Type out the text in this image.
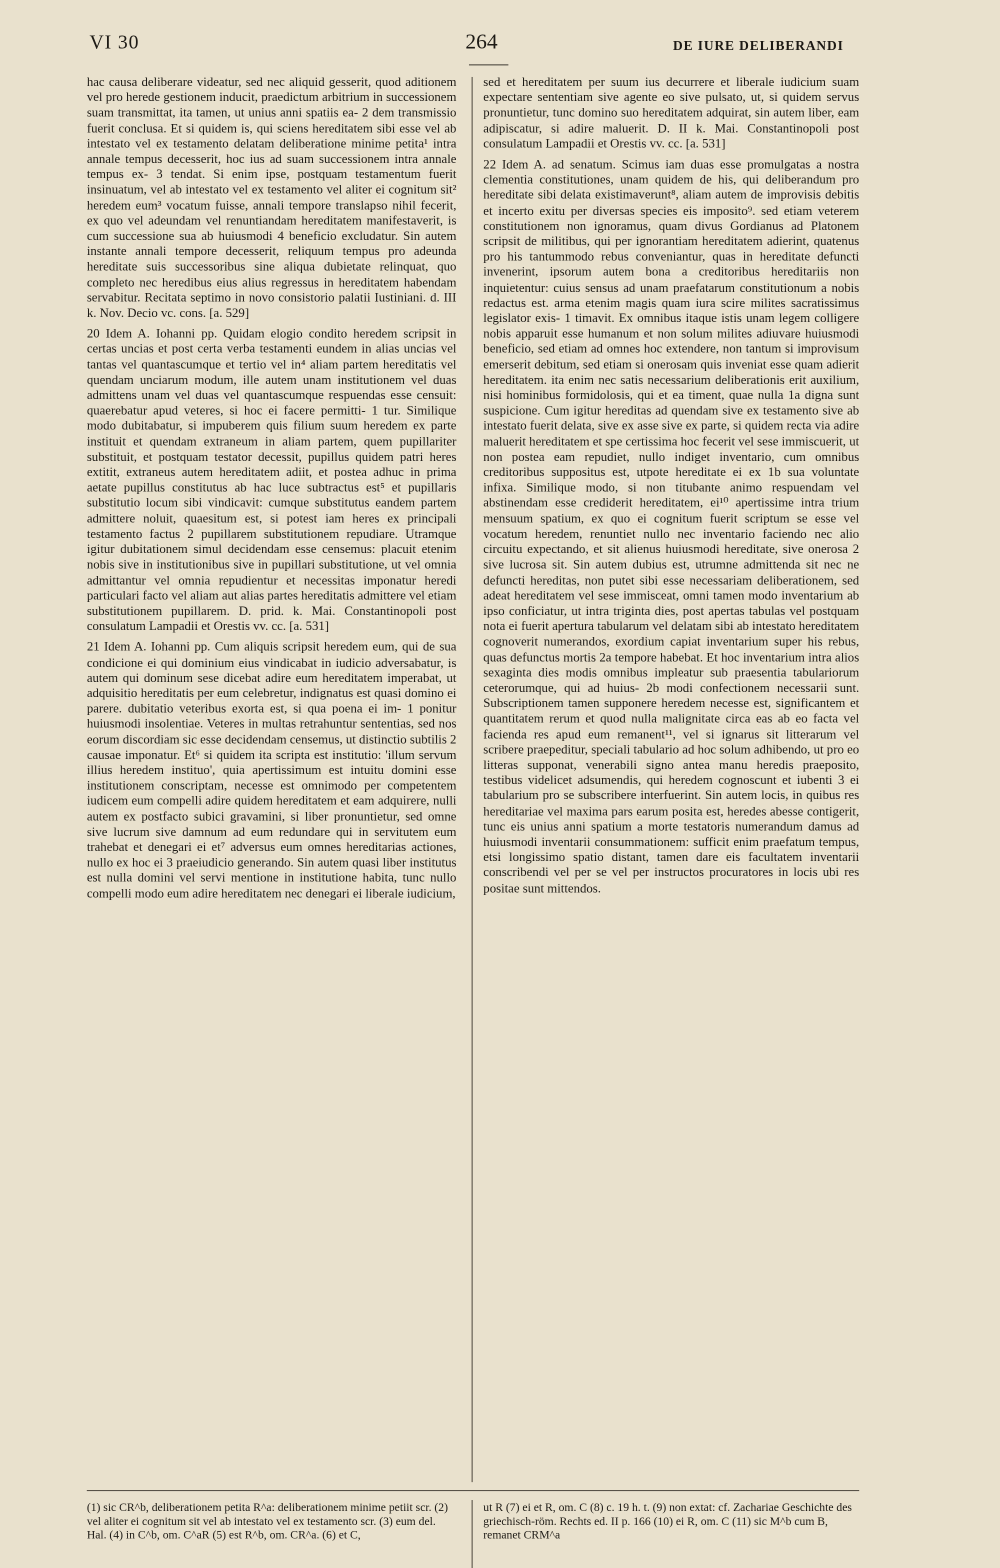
VI 30	264	DE IURE DELIBERANDI

hac causa deliberare videatur, sed nec aliquid gesserit, quod aditionem vel pro herede gestionem inducit, praedictum arbitrium in successionem suam transmittat, ita tamen, ut unius anni spatiis ea- 2 dem transmissio fuerit conclusa. Et si quidem is, qui sciens hereditatem sibi esse vel ab intestato vel ex testamento delatam deliberatione minime petita¹ intra annale tempus decesserit, hoc ius ad suam successionem intra annale tempus ex- 3 tendat. Si enim ipse, postquam testamentum fuerit insinuatum, vel ab intestato vel ex testamento vel aliter ei cognitum sit² heredem eum³ vocatum fuisse, annali tempore translapso nihil fecerit, ex quo vel adeundam vel renuntiandam hereditatem manifestaverit, is cum successione sua ab huiusmodi 4 beneficio excludatur. Sin autem instante annali tempore decesserit, reliquum tempus pro adeunda hereditate suis successoribus sine aliqua dubietate relinquat, quo completo nec heredibus eius alius regressus in hereditatem habendam servabitur. Recitata septimo in novo consistorio palatii Iustiniani. d. III k. Nov. Decio vc. cons. [a. 529]

20 Idem A. Iohanni pp. Quidam elogio condito heredem scripsit in certas uncias et post certa verba testamenti eundem in alias uncias vel tantas vel quantascumque et tertio vel in⁴ aliam partem hereditatis vel quendam unciarum modum, ille autem unam institutionem vel duas admittens unam vel duas vel quantascumque respuendas esse censuit: quaerebatur apud veteres, si hoc ei facere permitti- 1 tur. Similique modo dubitabatur, si impuberem quis filium suum heredem ex parte instituit et quendam extraneum in aliam partem, quem pupillariter substituit, et postquam testator decessit, pupillus quidem patri heres extitit, extraneus autem hereditatem adiit, et postea adhuc in prima aetate pupillus constitutus ab hac luce subtractus est⁵ et pupillaris substitutio locum sibi vindicavit: cumque substitutus eandem partem admittere noluit, quaesitum est, si potest iam heres ex principali testamento factus 2 pupillarem substitutionem repudiare. Utramque igitur dubitationem simul decidendam esse censemus: placuit etenim nobis sive in institutionibus sive in pupillari substitutione, ut vel omnia admittantur vel omnia repudientur et necessitas imponatur heredi particulari facto vel aliam aut alias partes hereditatis admittere vel etiam substitutionem pupillarem. D. prid. k. Mai. Constantinopoli post consulatum Lampadii et Orestis vv. cc. [a. 531]

21 Idem A. Iohanni pp. Cum aliquis scripsit heredem eum, qui de sua condicione ei qui dominium eius vindicabat in iudicio adversabatur, is autem qui dominum sese dicebat adire eum hereditatem imperabat, ut adquisitio hereditatis per eum celebretur, indignatus est quasi domino ei parere. dubitatio veteribus exorta est, si qua poena ei im- 1 ponitur huiusmodi insolentiae. Veteres in multas retrahuntur sententias, sed nos eorum discordiam sic esse decidendam censemus, ut distinctio subtilis 2 causae imponatur. Et⁶ si quidem ita scripta est institutio: 'illum servum illius heredem instituo', quia apertissimum est intuitu domini esse institutionem conscriptam, necesse est omnimodo per competentem iudicem eum compelli adire quidem hereditatem et eam adquirere, nulli autem ex postfacto subici gravamini, si liber pronuntietur, sed omne sive lucrum sive damnum ad eum redundare qui in servitutem eum trahebat et denegari ei et⁷ adversus eum omnes hereditarias actiones, nullo ex hoc ei 3 praeiudicio generando. Sin autem quasi liber institutus est nulla domini vel servi mentione in institutione habita, tunc nullo compelli modo eum adire hereditatem nec denegari ei liberale iudicium,

sed et hereditatem per suum ius decurrere et liberale iudicium suam expectare sententiam sive agente eo sive pulsato, ut, si quidem servus pronuntietur, tunc domino suo hereditatem adquirat, sin autem liber, eam adipiscatur, si adire maluerit. D. II k. Mai. Constantinopoli post consulatum Lampadii et Orestis vv. cc. [a. 531]

22 Idem A. ad senatum. Scimus iam duas esse promulgatas a nostra clementia constitutiones, unam quidem de his, qui deliberandum pro hereditate sibi delata existimaverunt⁸, aliam autem de improvisis debitis et incerto exitu per diversas species eis imposito⁹. sed etiam veterem constitutionem non ignoramus, quam divus Gordianus ad Platonem scripsit de militibus, qui per ignorantiam hereditatem adierint, quatenus pro his tantummodo rebus conveniantur, quas in hereditate defuncti invenerint, ipsorum autem bona a creditoribus hereditariis non inquietentur: cuius sensus ad unam praefatarum constitutionum a nobis redactus est. arma etenim magis quam iura scire milites sacratissimus legislator exis- 1 timavit. Ex omnibus itaque istis unam legem colligere nobis apparuit esse humanum et non solum milites adiuvare huiusmodi beneficio, sed etiam ad omnes hoc extendere, non tantum si improvisum emerserit debitum, sed etiam si onerosam quis inveniat esse quam adierit hereditatem. ita enim nec satis necessarium deliberationis erit auxilium, nisi hominibus formidolosis, qui et ea timent, quae nulla 1a digna sunt suspicione. Cum igitur hereditas ad quendam sive ex testamento sive ab intestato fuerit delata, sive ex asse sive ex parte, si quidem recta via adire maluerit hereditatem et spe certissima hoc fecerit vel sese immiscuerit, ut non postea eam repudiet, nullo indiget inventario, cum omnibus creditoribus suppositus est, utpote hereditate ei ex 1b sua voluntate infixa. Similique modo, si non titubante animo respuendam vel abstinendam esse crediderit hereditatem, ei¹⁰ apertissime intra trium mensuum spatium, ex quo ei cognitum fuerit scriptum se esse vel vocatum heredem, renuntiet nullo nec inventario faciendo nec alio circuitu expectando, et sit alienus huiusmodi hereditate, sive onerosa 2 sive lucrosa sit. Sin autem dubius est, utrumne admittenda sit nec ne defuncti hereditas, non putet sibi esse necessariam deliberationem, sed adeat hereditatem vel sese immisceat, omni tamen modo inventarium ab ipso conficiatur, ut intra triginta dies, post apertas tabulas vel postquam nota ei fuerit apertura tabularum vel delatam sibi ab intestato hereditatem cognoverit numerandos, exordium capiat inventarium super his rebus, quas defunctus mortis 2a tempore habebat. Et hoc inventarium intra alios sexaginta dies modis omnibus impleatur sub praesentia tabulariorum ceterorumque, qui ad huius- 2b modi confectionem necessarii sunt. Subscriptionem tamen supponere heredem necesse est, significantem et quantitatem rerum et quod nulla malignitate circa eas ab eo facta vel facienda res apud eum remanent¹¹, vel si ignarus sit litterarum vel scribere praepeditur, speciali tabulario ad hoc solum adhibendo, ut pro eo litteras supponat, venerabili signo antea manu heredis praeposito, testibus videlicet adsumendis, qui heredem cognoscunt et iubenti 3 ei tabularium pro se subscribere interfuerint. Sin autem locis, in quibus res hereditariae vel maxima pars earum posita est, heredes abesse contigerit, tunc eis unius anni spatium a morte testatoris numerandum damus ad huiusmodi inventarii consummationem: sufficit enim praefatum tempus, etsi longissimo spatio distant, tamen dare eis facultatem inventarii conscribendi vel per se vel per instructos procuratores in locis ubi res positae sunt mittendos.

(1) sic CR^b, deliberationem petita R^a: deliberationem minime petiit scr. (2) vel aliter ei cognitum sit vel ab intestato vel ex testamento scr. (3) eum del. Hal. (4) in C^b, om. C^aR (5) est R^b, om. CR^a. (6) et C,
ut R (7) ei et R, om. C (8) c. 19 h. t. (9) non extat: cf. Zachariae Geschichte des griechisch-röm. Rechts ed. II p. 166 (10) ei R, om. C (11) sic M^b cum B, remanet CRM^a
